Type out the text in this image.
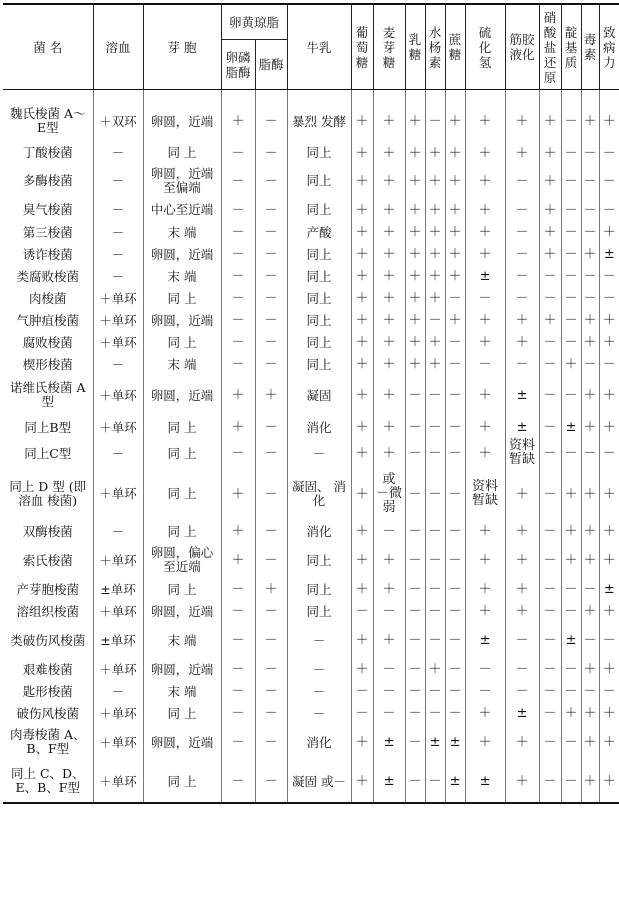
菌 名	溶血	芽 胞	卵黄琼脂		牛乳	葡萄糖	麦芽糖	乳糖	水杨素	蔗糖	硫化氢	筋胶液化	硝酸盐还原	靛基质	毒素	致病力
			卵磷脂酶	脂酶												

魏氏梭菌 A～E型	＋双环	卵圆，近端	＋	－	暴烈 发酵	＋	＋	＋	－	＋	＋	＋	＋	－	＋	＋
丁酸梭菌	－	同 上	－	－	同上	＋	＋	＋	＋	＋	＋	＋	＋	－	－	－
多酶梭菌	－	卵圆，近端 至偏端	－	－	同上	＋	＋	＋	＋	＋	＋	－	＋	－	－	－
臭气梭菌	－	中心至近端	－	－	同上	＋	＋	＋	＋	＋	＋	－	＋	－	－	－
第三梭菌	－	末 端	－	－	产酸	＋	＋	＋	＋	＋	＋	－	＋	－	－	＋
诱诈梭菌	－	卵圆，近端	－	－	同上	＋	＋	＋	＋	＋	＋	－	＋	－	＋	±
类腐败梭菌	－	末 端	－	－	同上	＋	＋	＋	＋	＋	±	－	－	－	－	－
肉梭菌	＋单环	同 上	－	－	同上	＋	＋	＋	＋	－	－	－	－	－	－	－
气肿疽梭菌	＋单环	卵圆，近端	－	－	同上	＋	＋	＋	－	＋	＋	＋	＋	－	＋	＋
腐败梭菌	＋单环	同 上	－	－	同上	＋	＋	＋	＋	－	＋	＋	－	－	＋	＋
楔形梭菌	－	末 端	－	－	同上	＋	＋	＋	＋	－	－	－	－	＋	－	－
诺维氏梭菌 A型	＋单环	卵圆，近端	＋	＋	凝固	＋	＋	－	－	－	＋	±	－	－	＋	＋
同上B型	＋单环	同 上	＋	－	消化	＋	＋	－	－	－	＋	±	－	±	＋	＋
同上C型	－	同 上	－	－	－	＋	＋	－	－	－	＋	资料 暂缺	－	－	－	－
同上 D 型 (即溶血 梭菌)	＋单环	同 上	＋	－	凝固、 消化	＋	或 －微 弱	－	－	－	资料 暂缺	＋	－	＋	＋	＋
双酶梭菌	－	同 上	＋	－	消化	＋	－	－	－	－	＋	＋	－	＋	＋	＋
索氏梭菌	＋单环	卵圆，偏心 至近端	＋	－	同上	＋	＋	－	－	－	＋	＋	－	＋	＋	＋
产芽胞梭菌	±单环	同 上	－	＋	同上	＋	＋	－	－	－	＋	＋	－	－	－	±
溶组织梭菌	＋单环	卵圆，近端	－	－	同上	－	－	－	－	－	＋	＋	－	－	＋	＋
类破伤风梭菌	±单环	末 端	－	－	－	＋	＋	－	－	－	±	－	－	±	－	－
艰难梭菌	＋单环	卵圆，近端	－	－	－	＋	－	－	＋	－	－	－	－	－	＋	＋
匙形梭菌	－	末 端	－	－	－	－	－	－	－	－	－	－	－	－	－	－
破伤风梭菌	＋单环	同 上	－	－	－	－	－	－	－	－	＋	±	－	＋	＋	＋
肉毒梭菌 A、B、F型	＋单环	卵圆，近端	－	－	消化	＋	±	－	±	±	＋	＋	－	－	＋	＋
同上 C、D、 E、B、F型	＋单环	同 上	－	－	凝固 或－	＋	±	－	－	±	±	＋	－	－	＋	＋
